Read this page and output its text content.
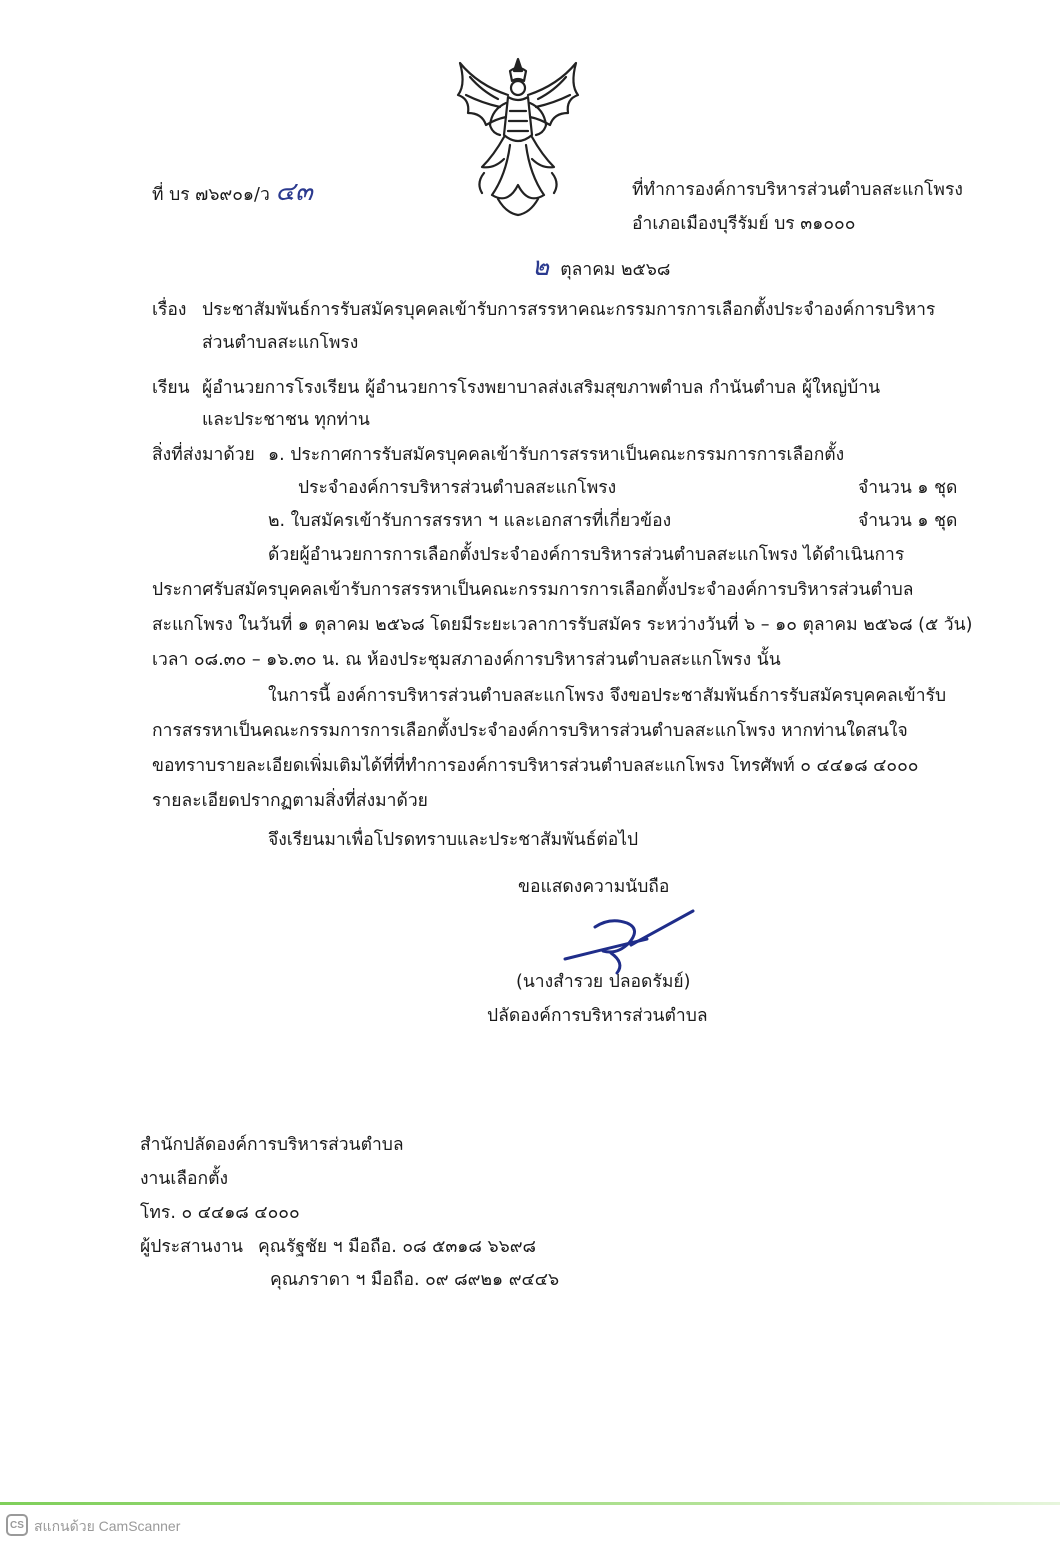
ที่ บร ๗๖๙๐๑/ว ๔๓	ที่ทำการองค์การบริหารส่วนตำบลสะแกโพรง
อำเภอเมืองบุรีรัมย์ บร ๓๑๐๐๐
๒ ตุลาคม ๒๕๖๘
เรื่อง ประชาสัมพันธ์การรับสมัครบุคคลเข้ารับการสรรหาคณะกรรมการการเลือกตั้งประจำองค์การบริหาร
ส่วนตำบลสะแกโพรง
เรียน ผู้อำนวยการโรงเรียน ผู้อำนวยการโรงพยาบาลส่งเสริมสุขภาพตำบล กำนันตำบล ผู้ใหญ่บ้าน
และประชาชน ทุกท่าน
สิ่งที่ส่งมาด้วย ๑. ประกาศการรับสมัครบุคคลเข้ารับการสรรหาเป็นคณะกรรมการการเลือกตั้ง
ประจำองค์การบริหารส่วนตำบลสะแกโพรง	จำนวน ๑ ชุด
๒. ใบสมัครเข้ารับการสรรหา ฯ และเอกสารที่เกี่ยวข้อง	จำนวน ๑ ชุด
ด้วยผู้อำนวยการการเลือกตั้งประจำองค์การบริหารส่วนตำบลสะแกโพรง ได้ดำเนินการ
ประกาศรับสมัครบุคคลเข้ารับการสรรหาเป็นคณะกรรมการการเลือกตั้งประจำองค์การบริหารส่วนตำบล
สะแกโพรง ในวันที่ ๑ ตุลาคม ๒๕๖๘ โดยมีระยะเวลาการรับสมัคร ระหว่างวันที่ ๖ – ๑๐ ตุลาคม ๒๕๖๘ (๕ วัน)
เวลา ๐๘.๓๐ – ๑๖.๓๐ น. ณ ห้องประชุมสภาองค์การบริหารส่วนตำบลสะแกโพรง นั้น
ในการนี้ องค์การบริหารส่วนตำบลสะแกโพรง จึงขอประชาสัมพันธ์การรับสมัครบุคคลเข้ารับ
การสรรหาเป็นคณะกรรมการการเลือกตั้งประจำองค์การบริหารส่วนตำบลสะแกโพรง หากท่านใดสนใจ
ขอทราบรายละเอียดเพิ่มเติมได้ที่ที่ทำการองค์การบริหารส่วนตำบลสะแกโพรง โทรศัพท์ ๐ ๔๔๑๘ ๔๐๐๐
รายละเอียดปรากฏตามสิ่งที่ส่งมาด้วย
จึงเรียนมาเพื่อโปรดทราบและประชาสัมพันธ์ต่อไป
ขอแสดงความนับถือ
(นางสำรวย ปลอดรัมย์)
ปลัดองค์การบริหารส่วนตำบล
สำนักปลัดองค์การบริหารส่วนตำบล
งานเลือกตั้ง
โทร. ๐ ๔๔๑๘ ๔๐๐๐
ผู้ประสานงาน คุณรัฐชัย ฯ มือถือ. ๐๘ ๕๓๑๘ ๖๖๙๘
คุณภราดา ฯ มือถือ. ๐๙ ๘๙๒๑ ๙๔๔๖
CS สแกนด้วย CamScanner
